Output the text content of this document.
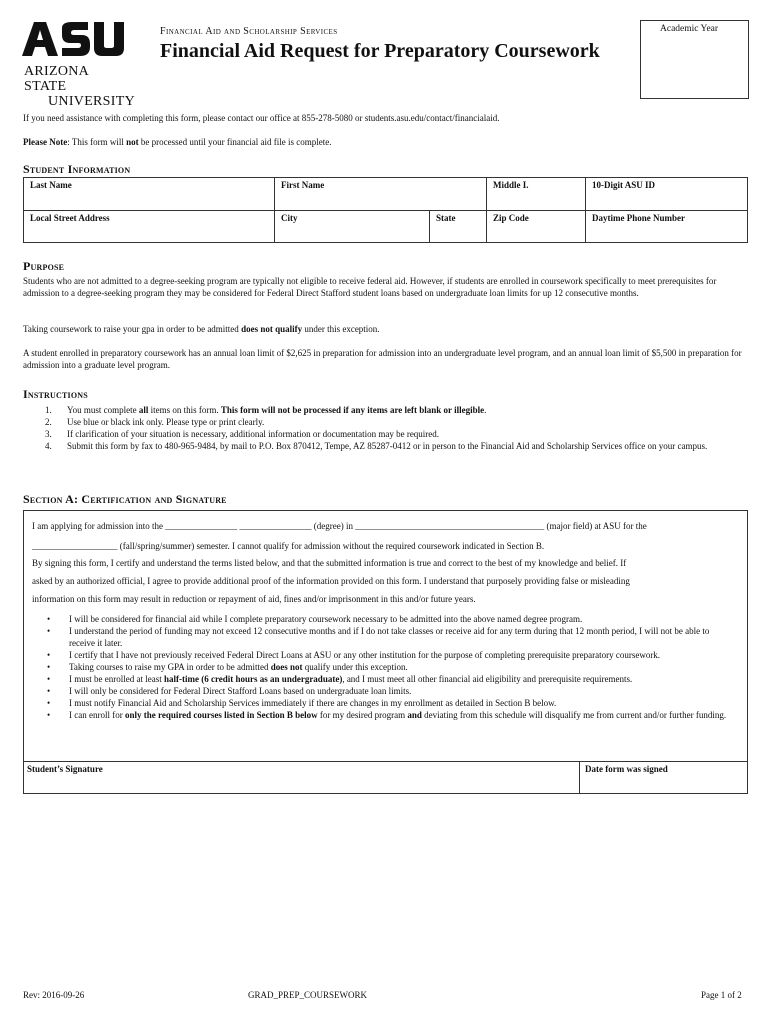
ARIZONA STATE
UNIVERSITY
Financial Aid and Scholarship Services
Financial Aid Request for Preparatory Coursework
Academic Year
If you need assistance with completing this form, please contact our office at 855-278-5080 or students.asu.edu/contact/financialaid.
Please Note: This form will not be processed until your financial aid file is complete.
Student Information
Last Name	First Name		Middle I.	10-Digit ASU ID
Local Street Address	City	State	Zip Code	Daytime Phone Number
Purpose
Students who are not admitted to a degree-seeking program are typically not eligible to receive federal aid. However, if students are enrolled in coursework specifically to meet prerequisites for admission to a degree-seeking program they may be considered for Federal Direct Stafford student loans based on undergraduate loan limits for up 12 consecutive months.
Taking coursework to raise your gpa in order to be admitted does not qualify under this exception.
A student enrolled in preparatory coursework has an annual loan limit of $2,625 in preparation for admission into an undergraduate level program, and an annual loan limit of $5,500 in preparation for admission into a graduate level program.
Instructions
1. You must complete all items on this form. This form will not be processed if any items are left blank or illegible.
2. Use blue or black ink only. Please type or print clearly.
3. If clarification of your situation is necessary, additional information or documentation may be required.
4. Submit this form by fax to 480-965-9484, by mail to P.O. Box 870412, Tempe, AZ 85287-0412 or in person to the Financial Aid and Scholarship Services office on your campus.
Section A: Certification and Signature
I am applying for admission into the ________________ ________________ (degree) in __________________________________________ (major field) at ASU for the
___________________ (fall/spring/summer) semester. I cannot qualify for admission without the required coursework indicated in Section B.
By signing this form, I certify and understand the terms listed below, and that the submitted information is true and correct to the best of my knowledge and belief. If
asked by an authorized official, I agree to provide additional proof of the information provided on this form. I understand that purposely providing false or misleading
information on this form may result in reduction or repayment of aid, fines and/or imprisonment in this and/or future years.
• I will be considered for financial aid while I complete preparatory coursework necessary to be admitted into the above named degree program.
• I understand the period of funding may not exceed 12 consecutive months and if I do not take classes or receive aid for any term during that 12 month period, I will not be able to receive it later.
• I certify that I have not previously received Federal Direct Loans at ASU or any other institution for the purpose of completing prerequisite preparatory coursework.
• Taking courses to raise my GPA in order to be admitted does not qualify under this exception.
• I must be enrolled at least half-time (6 credit hours as an undergraduate), and I must meet all other financial aid eligibility and prerequisite requirements.
• I will only be considered for Federal Direct Stafford Loans based on undergraduate loan limits.
• I must notify Financial Aid and Scholarship Services immediately if there are changes in my enrollment as detailed in Section B below.
• I can enroll for only the required courses listed in Section B below for my desired program and deviating from this schedule will disqualify me from current and/or further funding.
Student’s Signature	Date form was signed
Rev: 2016-09-26	GRAD_PREP_COURSEWORK	Page 1 of 2
